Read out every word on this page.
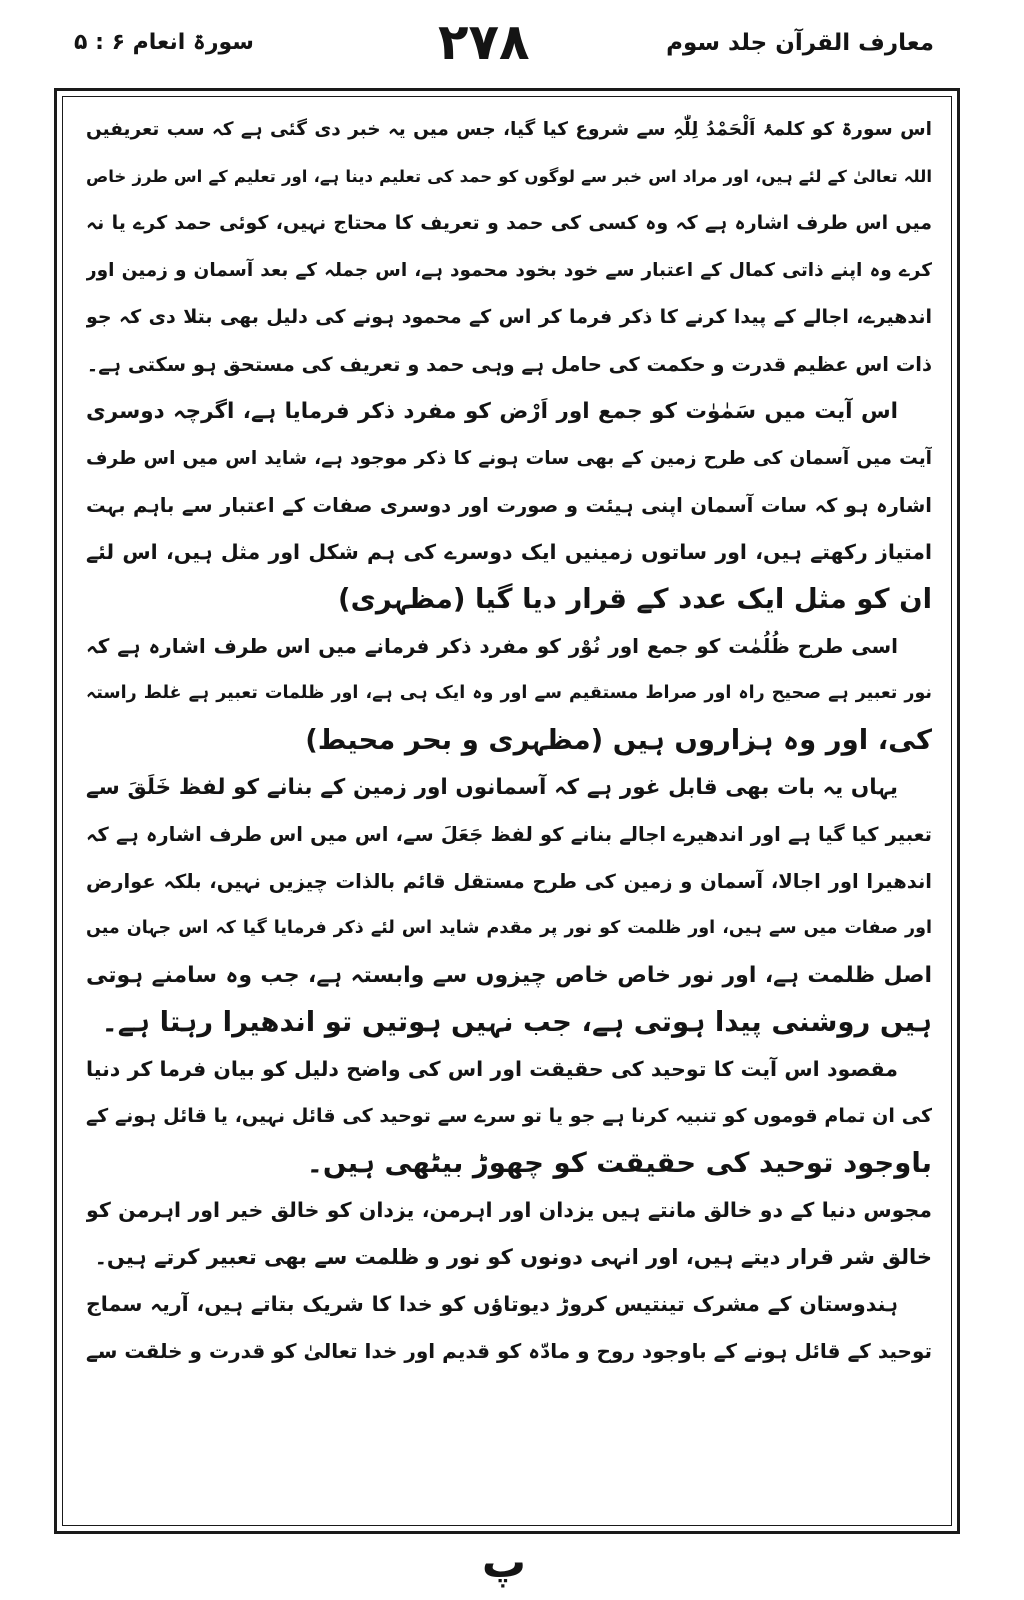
سورۃ انعام ۶ : ۵	۲۷۸	معارف القرآن جلد سوم
اس سورۃ کو کلمۂ اَلْحَمْدُ لِلّٰہِ سے شروع کیا گیا، جس میں یہ خبر دی گئی ہے کہ سب تعریفیں
اللہ تعالیٰ کے لئے ہیں، اور مراد اس خبر سے لوگوں کو حمد کی تعلیم دینا ہے، اور تعلیم کے اس طرز خاص
میں اس طرف اشارہ ہے کہ وہ کسی کی حمد و تعریف کا محتاج نہیں، کوئی حمد کرے یا نہ
کرے وہ اپنے ذاتی کمال کے اعتبار سے خود بخود محمود ہے، اس جملہ کے بعد آسمان و زمین اور
اندھیرے، اجالے کے پیدا کرنے کا ذکر فرما کر اس کے محمود ہونے کی دلیل بھی بتلا دی کہ جو
ذات اس عظیم قدرت و حکمت کی حامل ہے وہی حمد و تعریف کی مستحق ہو سکتی ہے۔
اس آیت میں سَمٰوٰت کو جمع اور اَرْض کو مفرد ذکر فرمایا ہے، اگرچہ دوسری
آیت میں آسمان کی طرح زمین کے بھی سات ہونے کا ذکر موجود ہے، شاید اس میں اس طرف
اشارہ ہو کہ سات آسمان اپنی ہیئت و صورت اور دوسری صفات کے اعتبار سے باہم بہت
امتیاز رکھتے ہیں، اور ساتوں زمینیں ایک دوسرے کی ہم شکل اور مثل ہیں، اس لئے
ان کو مثل ایک عدد کے قرار دیا گیا (مظہری)
اسی طرح ظُلُمٰت کو جمع اور نُوْر کو مفرد ذکر فرمانے میں اس طرف اشارہ ہے کہ
نور تعبیر ہے صحیح راہ اور صراط مستقیم سے اور وہ ایک ہی ہے، اور ظلمات تعبیر ہے غلط راستہ
کی، اور وہ ہزاروں ہیں (مظہری و بحر محیط)
یہاں یہ بات بھی قابل غور ہے کہ آسمانوں اور زمین کے بنانے کو لفظ خَلَقَ سے
تعبیر کیا گیا ہے اور اندھیرے اجالے بنانے کو لفظ جَعَلَ سے، اس میں اس طرف اشارہ ہے کہ
اندھیرا اور اجالا، آسمان و زمین کی طرح مستقل قائم بالذات چیزیں نہیں، بلکہ عوارض
اور صفات میں سے ہیں، اور ظلمت کو نور پر مقدم شاید اس لئے ذکر فرمایا گیا کہ اس جہان میں
اصل ظلمت ہے، اور نور خاص خاص چیزوں سے وابستہ ہے، جب وہ سامنے ہوتی
ہیں روشنی پیدا ہوتی ہے، جب نہیں ہوتیں تو اندھیرا رہتا ہے۔
مقصود اس آیت کا توحید کی حقیقت اور اس کی واضح دلیل کو بیان فرما کر دنیا
کی ان تمام قوموں کو تنبیہ کرنا ہے جو یا تو سرے سے توحید کی قائل نہیں، یا قائل ہونے کے
باوجود توحید کی حقیقت کو چھوڑ بیٹھی ہیں۔
مجوس دنیا کے دو خالق مانتے ہیں یزدان اور اہرمن، یزدان کو خالق خیر اور اہرمن کو
خالق شر قرار دیتے ہیں، اور انہی دونوں کو نور و ظلمت سے بھی تعبیر کرتے ہیں۔
ہندوستان کے مشرک تینتیس کروڑ دیوتاؤں کو خدا کا شریک بتاتے ہیں، آریہ سماج
توحید کے قائل ہونے کے باوجود روح و مادّہ کو قدیم اور خدا تعالیٰ کو قدرت و خلقت سے
پ
